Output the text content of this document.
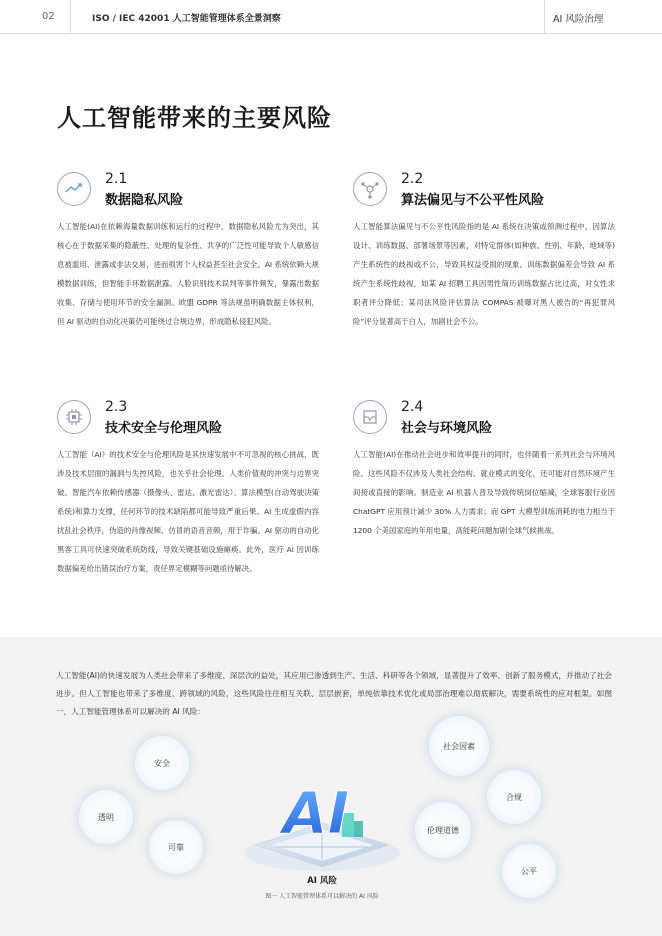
02	ISO / IEC 42001 人工智能管理体系全景洞察	AI 风险治理
人工智能带来的主要风险
2.1
数据隐私风险

人工智能(AI)在依赖海量数据训练和运行的过程中，数据隐私风险尤为突出，其核心在于数据采集的隐蔽性、处理的复杂性、共享的广泛性可能导致个人敏感信息被滥用、泄露或非法交易，进而损害个人权益甚至社会安全。AI 系统依赖大规模数据训练，但智能手环数据泄露、人脸识别技术误判等事件频发，暴露出数据收集、存储与使用环节的安全漏洞。欧盟 GDPR 等法规虽明确数据主体权利，但 AI 驱动的自动化决策仍可能绕过合规边界，形成隐私侵犯风险。

2.2
算法偏见与不公平性风险

人工智能算法偏见与不公平性风险指的是 AI 系统在决策或预测过程中，因算法设计、训练数据、部署场景等因素，对特定群体(如种族、性别、年龄、地域等)产生系统性的歧视或不公，导致其权益受损的现象。训练数据偏差会导致 AI 系统产生系统性歧视，如某 AI 招聘工具因男性简历训练数据占比过高，对女性求职者评分降低；某司法风险评估算法 COMPAS 被曝对黑人被告的“再犯罪风险”评分显著高于白人，加剧社会不公。

2.3
技术安全与伦理风险

人工智能（AI）的技术安全与伦理风险是其快速发展中不可忽视的核心挑战，既涉及技术层面的漏洞与失控风险，也关乎社会伦理、人类价值观的冲突与边界突破。智能汽车依赖传感器（摄像头、雷达、激光雷达）、算法模型(自动驾驶决策系统)和算力支撑，任何环节的技术缺陷都可能导致严重后果。AI 生成虚假内容扰乱社会秩序，伪造的肖像视频、仿冒的语音音频，用于诈骗。AI 驱动的自动化黑客工具可快速突破系统防线，导致关键基础设施瘫痪。此外，医疗 AI 因训练数据偏差给出错误治疗方案，责任界定模糊等问题亟待解决。

2.4
社会与环境风险

人工智能(AI)在推动社会进步和效率提升的同时，也伴随着一系列社会与环境风险。这些风险不仅涉及人类社会结构、就业模式的变化，还可能对自然环境产生间接或直接的影响。制造业 AI 机器人普及导致传统岗位缩减，全球客服行业因 ChatGPT 应用预计减少 30% 人力需求；而 GPT 大模型训练消耗的电力相当于 1200 个美国家庭的年用电量，高能耗问题加剧全球气候挑战。

人工智能(AI)的快速发展为人类社会带来了多维度、深层次的益处，其应用已渗透到生产、生活、科研等各个领域，显著提升了效率、创新了服务模式，并推动了社会进步。但人工智能也带来了多维度、跨领域的风险，这些风险往往相互关联、层层嵌套，单纯依靠技术优化或局部治理难以彻底解决，需要系统性的应对框架。如图一，人工智能管理体系可以解决的 AI 风险：

安全
透明
可靠
社会因素
合规
伦理道德
公平
AI
AI 风险
图一 人工智能管理体系可以解决的 AI 风险
